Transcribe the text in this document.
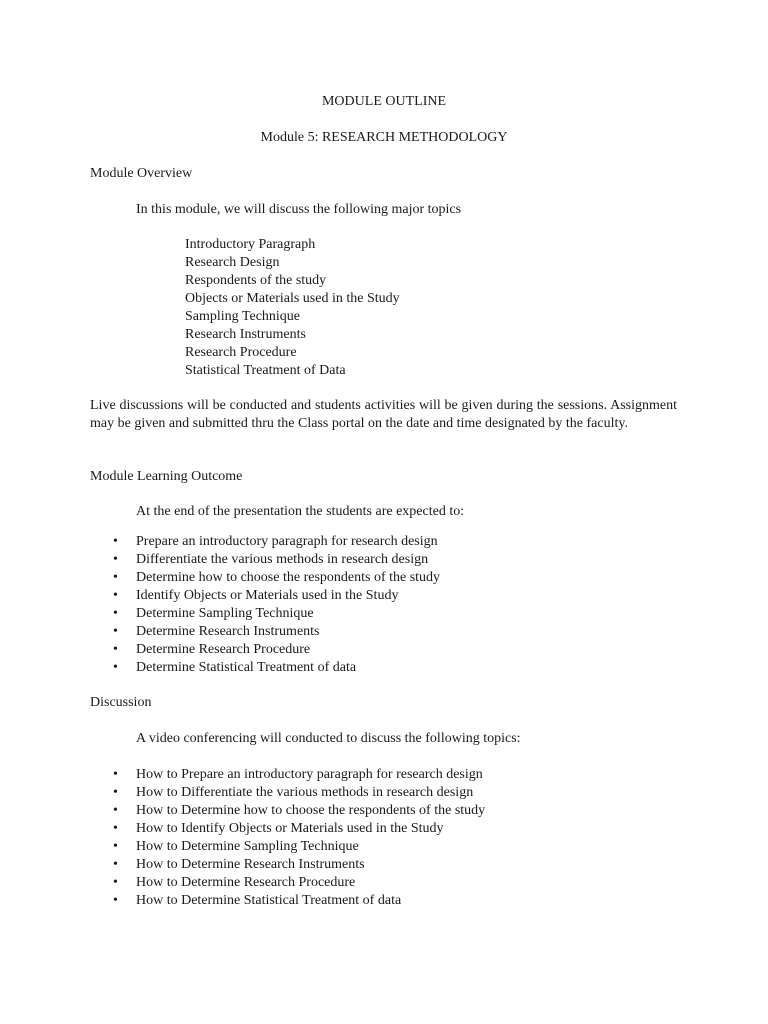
MODULE OUTLINE
Module 5: RESEARCH METHODOLOGY
Module Overview
In this module, we will discuss the following major topics
Introductory Paragraph
Research Design
Respondents of the study
Objects or Materials used in the Study
Sampling Technique
Research Instruments
Research Procedure
Statistical Treatment of Data
Live discussions will be conducted and students activities will be given during the sessions. Assignment may be given and submitted thru the Class portal on the date and time designated by the faculty.
Module Learning Outcome
At the end of the presentation the students are expected to:
• Prepare an introductory paragraph for research design
• Differentiate the various methods in research design
• Determine how to choose the respondents of the study
• Identify Objects or Materials used in the Study
• Determine Sampling Technique
• Determine Research Instruments
• Determine Research Procedure
• Determine Statistical Treatment of data
Discussion
A video conferencing will conducted to discuss the following topics:
• How to Prepare an introductory paragraph for research design
• How to Differentiate the various methods in research design
• How to Determine how to choose the respondents of the study
• How to Identify Objects or Materials used in the Study
• How to Determine Sampling Technique
• How to Determine Research Instruments
• How to Determine Research Procedure
• How to Determine Statistical Treatment of data
